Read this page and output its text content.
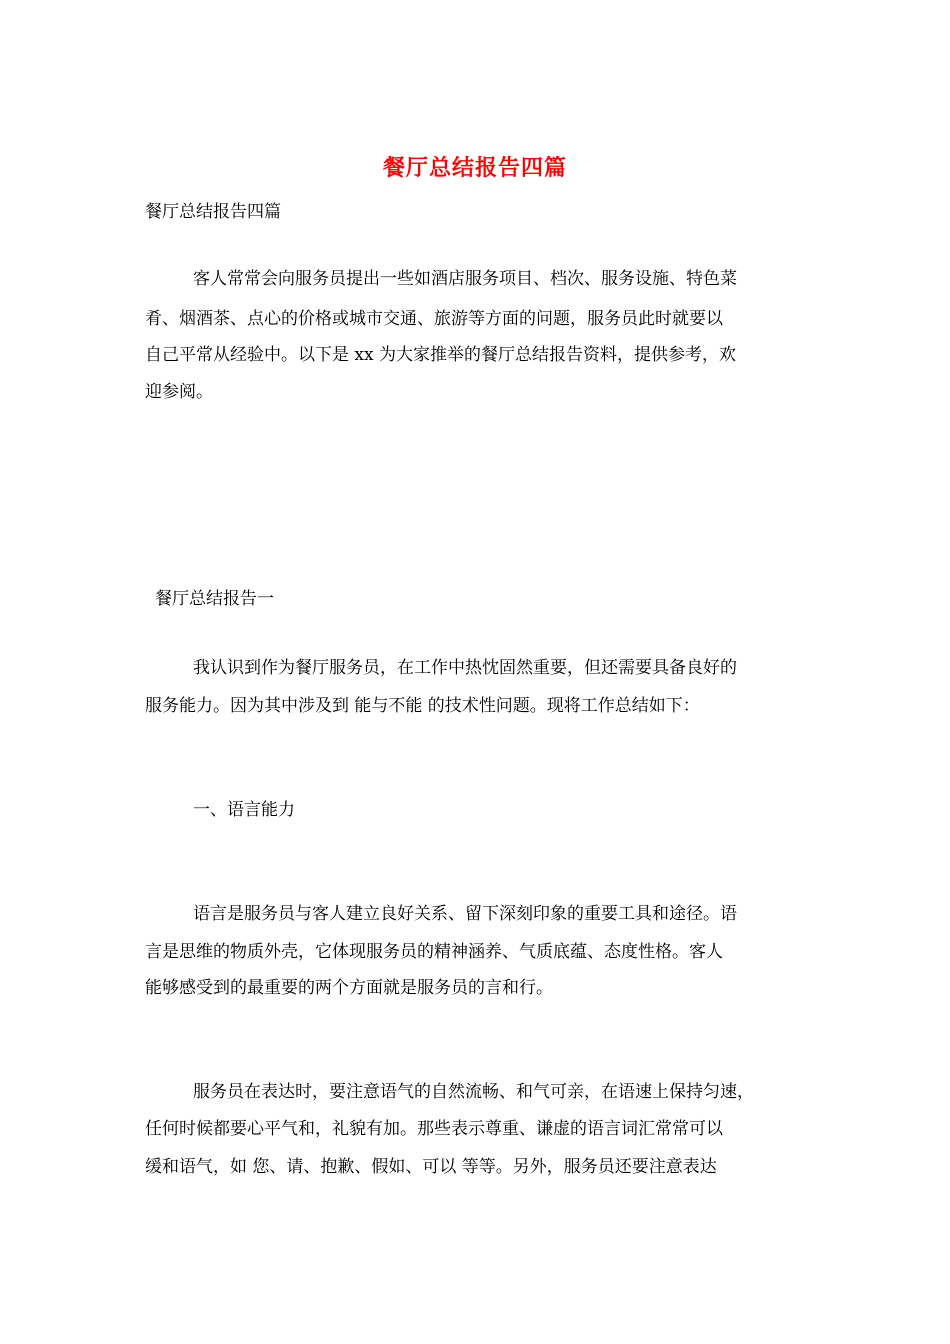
餐厅总结报告四篇
餐厅总结报告四篇
客人常常会向服务员提出一些如酒店服务项目、档次、服务设施、特色菜
肴、烟酒茶、点心的价格或城市交通、旅游等方面的问题，服务员此时就要以
自己平常从经验中。以下是 xx 为大家推举的餐厅总结报告资料，提供参考，欢
迎参阅。
餐厅总结报告一
我认识到作为餐厅服务员，在工作中热忱固然重要，但还需要具备良好的
服务能力。因为其中涉及到 能与不能 的技术性问题。现将工作总结如下：
一、语言能力
语言是服务员与客人建立良好关系、留下深刻印象的重要工具和途径。语
言是思维的物质外壳，它体现服务员的精神涵养、气质底蕴、态度性格。客人
能够感受到的最重要的两个方面就是服务员的言和行。
服务员在表达时，要注意语气的自然流畅、和气可亲，在语速上保持匀速，
任何时候都要心平气和，礼貌有加。那些表示尊重、谦虚的语言词汇常常可以
缓和语气，如 您、请、抱歉、假如、可以 等等。另外，服务员还要注意表达
